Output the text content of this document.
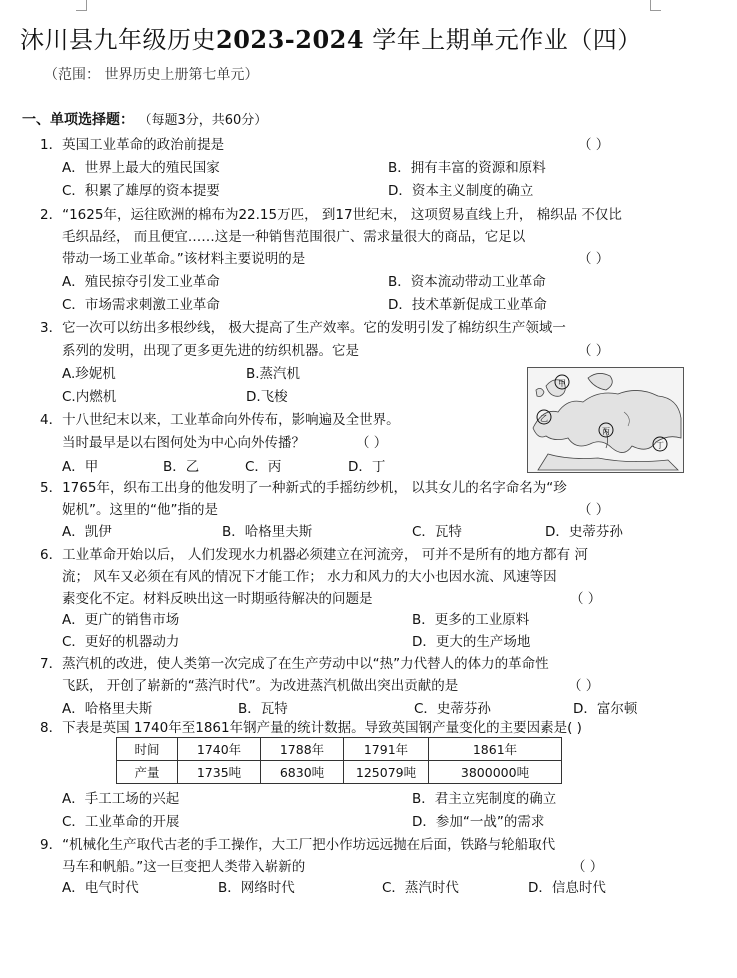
沐川县九年级历史2023-2024 学年上期单元作业（四）
（范围： 世界历史上册第七单元）
一、单项选择题： （每题3分，共60分）
1．英国工业革命的政治前提是	（ ）
A．世界上最大的殖民国家	B．拥有丰富的资源和原料
C．积累了雄厚的资本提要	D．资本主义制度的确立
2．“1625年，运往欧洲的棉布为22.15万匹， 到17世纪末， 这项贸易直线上升， 棉织品 不仅比
毛织品经， 而且便宜……这是一种销售范围很广、需求量很大的商品，它足以
带动一场工业革命。”该材料主要说明的是	（ ）
A．殖民掠夺引发工业革命	B．资本流动带动工业革命
C．市场需求刺激工业革命	D．技术革新促成工业革命
3．它一次可以纺出多根纱线， 极大提高了生产效率。它的发明引发了棉纺织生产领域一
系列的发明，出现了更多更先进的纺织机器。它是	（ ）
A.珍妮机	B.蒸汽机
C.内燃机	D.飞梭
甲
乙
丙
丁
4．十八世纪末以来，工业革命向外传布，影响遍及全世界。
当时最早是以右图何处为中心向外传播？	（ ）
A．甲	B．乙	C．丙	D．丁
5．1765年，织布工出身的他发明了一种新式的手摇纺纱机， 以其女儿的名字命名为“珍
妮机”。这里的“他”指的是	（ ）
A．凯伊	B．哈格里夫斯	C．瓦特	D．史蒂芬孙
6．工业革命开始以后， 人们发现水力机器必须建立在河流旁， 可并不是所有的地方都有 河
流； 风车又必须在有风的情况下才能工作； 水力和风力的大小也因水流、风速等因
素变化不定。材料反映出这一时期亟待解决的问题是	（ ）
A．更广的销售市场	B．更多的工业原料
C．更好的机器动力	D．更大的生产场地
7．蒸汽机的改进，使人类第一次完成了在生产劳动中以“热”力代替人的体力的革命性
飞跃， 开创了崭新的“蒸汽时代”。为改进蒸汽机做出突出贡献的是	（ ）
A．哈格里夫斯	B．瓦特	C．史蒂芬孙	D．富尔顿
8．下表是英国 1740年至1861年钢产量的统计数据。导致英国钢产量变化的主要因素是( )
时间	1740年	1788年	1791年	1861年
产量	1735吨	6830吨	125079吨	3800000吨
A．手工工场的兴起	B．君主立宪制度的确立
C．工业革命的开展	D．参加“一战”的需求
9．“机械化生产取代古老的手工操作，大工厂把小作坊远远抛在后面，铁路与轮船取代
马车和帆船。”这一巨变把人类带入崭新的	（ ）
A．电气时代	B．网络时代	C．蒸汽时代	D．信息时代
